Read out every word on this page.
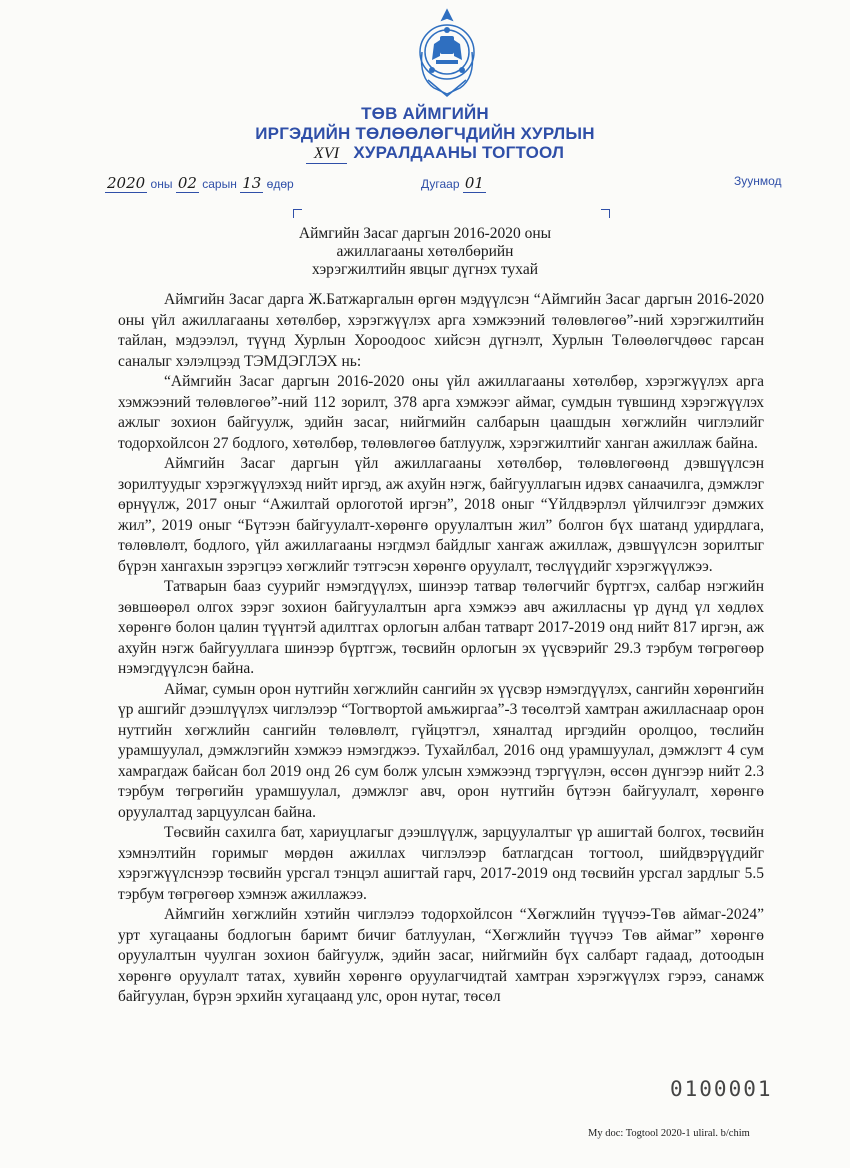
ТӨВ АЙМГИЙН
ИРГЭДИЙН ТӨЛӨӨЛӨГЧДИЙН ХУРЛЫН
XVI ХУРАЛДААНЫ ТОГТООЛ
2020 оны 02 сарын 13 өдөр	Дугаар 01	Зуунмод
Аймгийн Засаг даргын 2016-2020 оны
ажиллагааны хөтөлбөрийн
хэрэгжилтийн явцыг дүгнэх тухай

Аймгийн Засаг дарга Ж.Батжаргалын өргөн мэдүүлсэн “Аймгийн Засаг даргын 2016-2020 оны үйл ажиллагааны хөтөлбөр, хэрэгжүүлэх арга хэмжээний төлөвлөгөө”-ний хэрэгжилтийн тайлан, мэдээлэл, түүнд Хурлын Хороодоос хийсэн дүгнэлт, Хурлын Төлөөлөгчдөөс гарсан саналыг хэлэлцээд ТЭМДЭГЛЭХ нь:

“Аймгийн Засаг даргын 2016-2020 оны үйл ажиллагааны хөтөлбөр, хэрэгжүүлэх арга хэмжээний төлөвлөгөө”-ний 112 зорилт, 378 арга хэмжээг аймаг, сумдын түвшинд хэрэгжүүлэх ажлыг зохион байгуулж, эдийн засаг, нийгмийн салбарын цаашдын хөгжлийн чиглэлийг тодорхойлсон 27 бодлого, хөтөлбөр, төлөвлөгөө батлуулж, хэрэгжилтийг ханган ажиллаж байна.

Аймгийн Засаг даргын үйл ажиллагааны хөтөлбөр, төлөвлөгөөнд дэвшүүлсэн зорилтуудыг хэрэгжүүлэхэд нийт иргэд, аж ахуйн нэгж, байгууллагын идэвх санаачилга, дэмжлэг өрнүүлж, 2017 оныг “Ажилтай орлоготой иргэн”, 2018 оныг “Үйлдвэрлэл үйлчилгээг дэмжих жил”, 2019 оныг “Бүтээн байгуулалт-хөрөнгө оруулалтын жил” болгон бүх шатанд удирдлага, төлөвлөлт, бодлого, үйл ажиллагааны нэгдмэл байдлыг хангаж ажиллаж, дэвшүүлсэн зорилтыг бүрэн хангахын зэрэгцээ хөгжлийг тэтгэсэн хөрөнгө оруулалт, төслүүдийг хэрэгжүүлжээ.

Татварын бааз суурийг нэмэгдүүлэх, шинээр татвар төлөгчийг бүртгэх, салбар нэгжийн зөвшөөрөл олгох зэрэг зохион байгуулалтын арга хэмжээ авч ажилласны үр дүнд үл хөдлөх хөрөнгө болон цалин түүнтэй адилтгах орлогын албан татварт 2017-2019 онд нийт 817 иргэн, аж ахуйн нэгж байгууллага шинээр бүртгэж, төсвийн орлогын эх үүсвэрийг 29.3 тэрбум төгрөгөөр нэмэгдүүлсэн байна.

Аймаг, сумын орон нутгийн хөгжлийн сангийн эх үүсвэр нэмэгдүүлэх, сангийн хөрөнгийн үр ашгийг дээшлүүлэх чиглэлээр “Тогтвортой амьжиргаа”-3 төсөлтэй хамтран ажилласнаар орон нутгийн хөгжлийн сангийн төлөвлөлт, гүйцэтгэл, хяналтад иргэдийн оролцоо, төслийн урамшуулал, дэмжлэгийн хэмжээ нэмэгджээ. Тухайлбал, 2016 онд урамшуулал, дэмжлэгт 4 сум хамрагдаж байсан бол 2019 онд 26 сум болж улсын хэмжээнд тэргүүлэн, өссөн дүнгээр нийт 2.3 тэрбум төгрөгийн урамшуулал, дэмжлэг авч, орон нутгийн бүтээн байгуулалт, хөрөнгө оруулалтад зарцуулсан байна.

Төсвийн сахилга бат, хариуцлагыг дээшлүүлж, зарцуулалтыг үр ашигтай болгох, төсвийн хэмнэлтийн горимыг мөрдөн ажиллах чиглэлээр батлагдсан тогтоол, шийдвэрүүдийг хэрэгжүүлснээр төсвийн урсгал тэнцэл ашигтай гарч, 2017-2019 онд төсвийн урсгал зардлыг 5.5 тэрбум төгрөгөөр хэмнэж ажиллажээ.

Аймгийн хөгжлийн хэтийн чиглэлээ тодорхойлсон “Хөгжлийн түүчээ-Төв аймаг-2024” урт хугацааны бодлогын баримт бичиг батлуулан, “Хөгжлийн түүчээ Төв аймаг” хөрөнгө оруулалтын чуулган зохион байгуулж, эдийн засаг, нийгмийн бүх салбарт гадаад, дотоодын хөрөнгө оруулалт татах, хувийн хөрөнгө оруулагчидтай хамтран хэрэгжүүлэх гэрээ, санамж байгуулан, бүрэн эрхийн хугацаанд улс, орон нутаг, төсөл

0100001
My doc: Togtool 2020-1 uliral. b/chim
